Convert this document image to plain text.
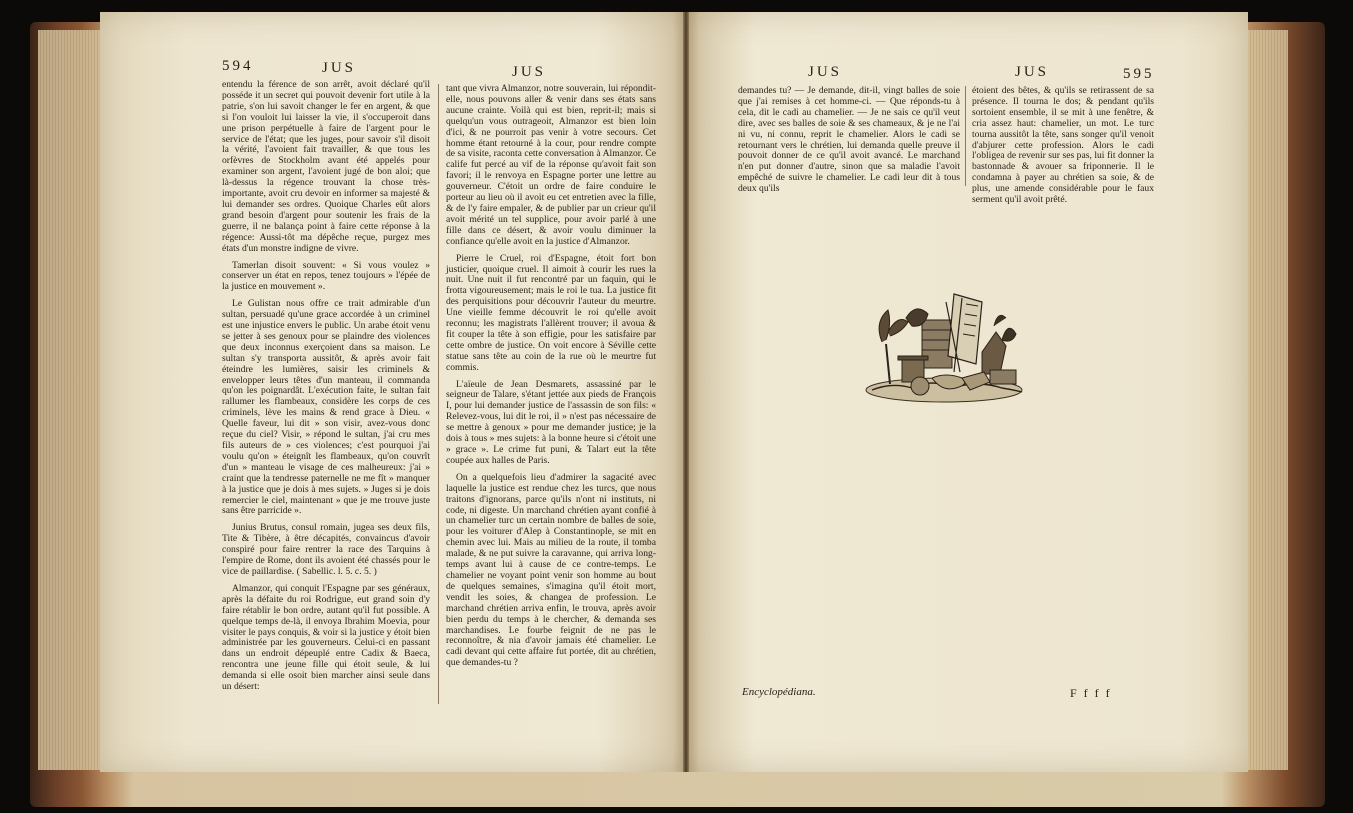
594	JUS	JUS

entendu la férence de son arrêt, avoit déclaré qu'il posséde it un secret qui pouvoit devenir fort utile à la patrie, s'on lui savoit changer le fer en argent, & que si l'on vouloit lui laisser la vie, il s'occuperoit dans une prison perpétuelle à faire de l'argent pour le service de l'état; que les juges, pour savoir s'il disoit la vérité, l'avoient fait travailler, & que tous les orfèvres de Stockholm avant été appelés pour examiner son argent, l'avoient jugé de bon aloi; que là-dessus la régence trouvant la chose très-importante, avoit cru devoir en informer sa majesté & lui demander ses ordres. Quoique Charles eût alors grand besoin d'argent pour soutenir les frais de la guerre, il ne balança point à faire cette réponse à la régence: Aussi-tôt ma dépêche reçue, purgez mes états d'un monstre indigne de vivre.

Tamerlan disoit souvent: « Si vous voulez » conserver un état en repos, tenez toujours » l'épée de la justice en mouvement ».

Le Gulistan nous offre ce trait admirable d'un sultan, persuadé qu'une grace accordée à un criminel est une injustice envers le public. Un arabe étoit venu se jetter à ses genoux pour se plaindre des violences que deux inconnus exerçoient dans sa maison. Le sultan s'y transporta aussitôt, & après avoir fait éteindre les lumières, saisir les criminels & envelopper leurs têtes d'un manteau, il commanda qu'on les poignardât. L'exécution faite, le sultan fait rallumer les flambeaux, considère les corps de ces criminels, lève les mains & rend grace à Dieu. « Quelle faveur, lui dit » son visir, avez-vous donc reçue du ciel? Visir, » répond le sultan, j'ai cru mes fils auteurs de » ces violences; c'est pourquoi j'ai voulu qu'on » éteignît les flambeaux, qu'on couvrît d'un » manteau le visage de ces malheureux: j'ai » craint que la tendresse paternelle ne me fît » manquer à la justice que je dois à mes sujets. » Juges si je dois remercier le ciel, maintenant » que je me trouve juste sans être parricide ».

Junius Brutus, consul romain, jugea ses deux fils, Tite & Tibère, à être décapités, convaincus d'avoir conspiré pour faire rentrer la race des Tarquins à l'empire de Rome, dont ils avoient été chassés pour le vice de paillardise. ( Sabellic. l. 5. c. 5. )

Almanzor, qui conquit l'Espagne par ses généraux, après la défaite du roi Rodrigue, eut grand soin d'y faire rétablir le bon ordre, autant qu'il fut possible. A quelque temps de-là, il envoya Ibrahim Moevia, pour visiter le pays conquis, & voir si la justice y étoit bien administrée par les gouverneurs. Celui-ci en passant dans un endroit dépeuplé entre Cadix & Baeca, rencontra une jeune fille qui étoit seule, & lui demanda si elle osoit bien marcher ainsi seule dans un désert:

tant que vivra Almanzor, notre souverain, lui répondit-elle, nous pouvons aller & venir dans ses états sans aucune crainte. Voilà qui est bien, reprit-il; mais si quelqu'un vous outrageoit, Almanzor est bien loin d'ici, & ne pourroit pas venir à votre secours. Cet homme étant retourné à la cour, pour rendre compte de sa visite, raconta cette conversation à Almanzor. Ce calife fut percé au vif de la réponse qu'avoit fait son favori; il le renvoya en Espagne porter une lettre au gouverneur. C'étoit un ordre de faire conduire le porteur au lieu où il avoit eu cet entretien avec la fille, & de l'y faire empaler, & de publier par un crieur qu'il avoit mérité un tel supplice, pour avoir parlé à une fille dans ce désert, & avoir voulu diminuer la confiance qu'elle avoit en la justice d'Almanzor.

Pierre le Cruel, roi d'Espagne, étoit fort bon justicier, quoique cruel. Il aimoit à courir les rues la nuit. Une nuit il fut rencontré par un faquin, qui le frotta vigoureusement; mais le roi le tua. La justice fit des perquisitions pour découvrir l'auteur du meurtre. Une vieille femme découvrit le roi qu'elle avoit reconnu; les magistrats l'allèrent trouver; il avoua & fit couper la tête à son effigie, pour les satisfaire par cette ombre de justice. On voit encore à Séville cette statue sans tête au coin de la rue où le meurtre fut commis.

L'aïeule de Jean Desmarets, assassiné par le seigneur de Talare, s'étant jettée aux pieds de François I, pour lui demander justice de l'assassin de son fils: « Relevez-vous, lui dit le roi, il » n'est pas nécessaire de se mettre à genoux » pour me demander justice; je la dois à tous » mes sujets: à la bonne heure si c'étoit une » grace ». Le crime fut puni, & Talart eut la tête coupée aux halles de Paris.

On a quelquefois lieu d'admirer la sagacité avec laquelle la justice est rendue chez les turcs, que nous traitons d'ignorans, parce qu'ils n'ont ni instituts, ni code, ni digeste. Un marchand chrétien ayant confié à un chamelier turc un certain nombre de balles de soie, pour les voiturer d'Alep à Constantinople, se mit en chemin avec lui. Mais au milieu de la route, il tomba malade, & ne put suivre la caravanne, qui arriva long-temps avant lui à cause de ce contre-temps. Le chamelier ne voyant point venir son homme au bout de quelques semaines, s'imagina qu'il étoit mort, vendit les soies, & changea de profession. Le marchand chrétien arriva enfin, le trouva, après avoir bien perdu du temps à le chercher, & demanda ses marchandises. Le fourbe feignit de ne pas le reconnoître, & nia d'avoir jamais été chamelier. Le cadi devant qui cette affaire fut portée, dit au chrétien, que demandes-tu ?

JUS	JUS	595

demandes tu? — Je demande, dit-il, vingt balles de soie que j'ai remises à cet homme-ci. — Que réponds-tu à cela, dit le cadi au chamelier. — Je ne sais ce qu'il veut dire, avec ses balles de soie & ses chameaux, & je ne l'ai ni vu, ni connu, reprit le chamelier. Alors le cadi se retournant vers le chrétien, lui demanda quelle preuve il pouvoit donner de ce qu'il avoit avancé. Le marchand n'en put donner d'autre, sinon que sa maladie l'avoit empêché de suivre le chamelier. Le cadi leur dit à tous deux qu'ils

étoient des bêtes, & qu'ils se retirassent de sa présence. Il tourna le dos; & pendant qu'ils sortoient ensemble, il se mit à une fenêtre, & cria assez haut: chamelier, un mot. Le turc tourna aussitôt la tête, sans songer qu'il venoit d'abjurer cette profession. Alors le cadi l'obligea de revenir sur ses pas, lui fit donner la bastonnade & avouer sa friponnerie. Il le condamna à payer au chrétien sa soie, & de plus, une amende considérable pour le faux serment qu'il avoit prêté.

Encyclopédiana.	F f f f
